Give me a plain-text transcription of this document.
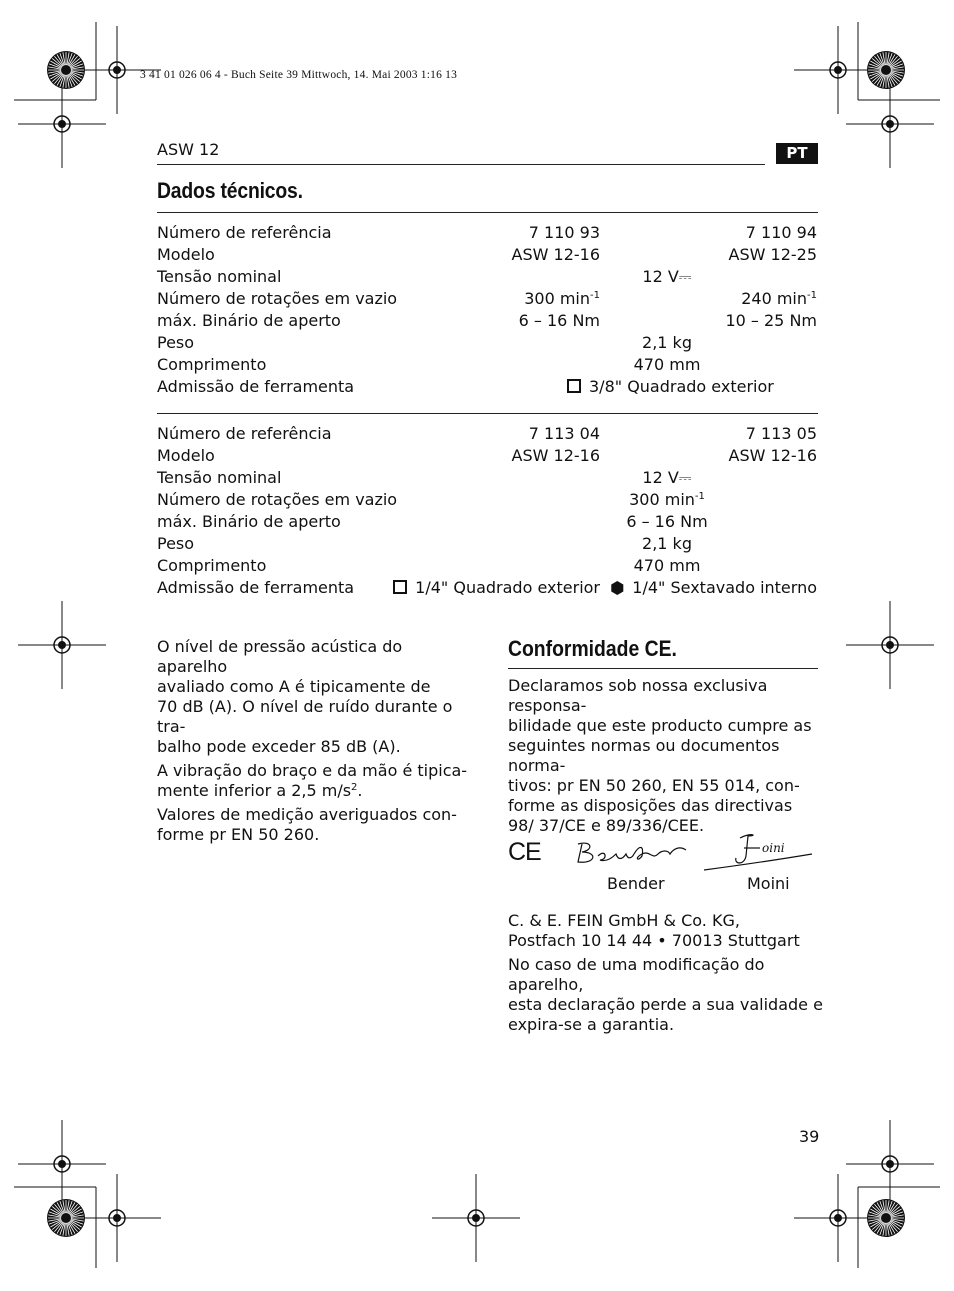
3 41 01 026 06 4 - Buch Seite 39 Mittwoch, 14. Mai 2003 1:16 13
ASW 12	PT
Dados técnicos.
Número de referência	7 110 93	7 110 94
Modelo	ASW 12-16	ASW 12-25
Tensão nominal	12 V⎓
Número de rotações em vazio	300 $\min^{-1}$	240 $\min^{-1}$
máx. Binário de aperto	6 – 16 Nm	10 – 25 Nm
Peso	2,1 kg
Comprimento	470 mm
Admissão de ferramenta	3/8" Quadrado exterior
Número de referência	7 113 04	7 113 05
Modelo	ASW 12-16	ASW 12-16
Tensão nominal	12 V⎓
Número de rotações em vazio	300 $\min^{-1}$
máx. Binário de aperto	6 – 16 Nm
Peso	2,1 kg
Comprimento	470 mm
Admissão de ferramenta	1/4" Quadrado exterior	1/4" Sextavado interno

O nível de pressão acústica do aparelho
avaliado como A é tipicamente de
70 dB (A). O nível de ruído durante o tra-
balho pode exceder 85 dB (A).

A vibração do braço e da mão é tipica-
mente inferior a 2,5 $m/s^2$.

Valores de medição averiguados con-
forme pr EN 50 260.

Conformidade CE.

Declaramos sob nossa exclusiva responsa-
bilidade que este producto cumpre as
seguintes normas ou documentos norma-
tivos: pr EN 50 260, EN 55 014, con-
forme as disposições das directivas
98/ 37/CE e 89/336/CEE.

CE	oini
Bender	Moini

C. & E. FEIN GmbH & Co. KG,
Postfach 10 14 44 • 70013 Stuttgart

No caso de uma modificação do aparelho,
esta declaração perde a sua validade e
expira-se a garantia.

39
